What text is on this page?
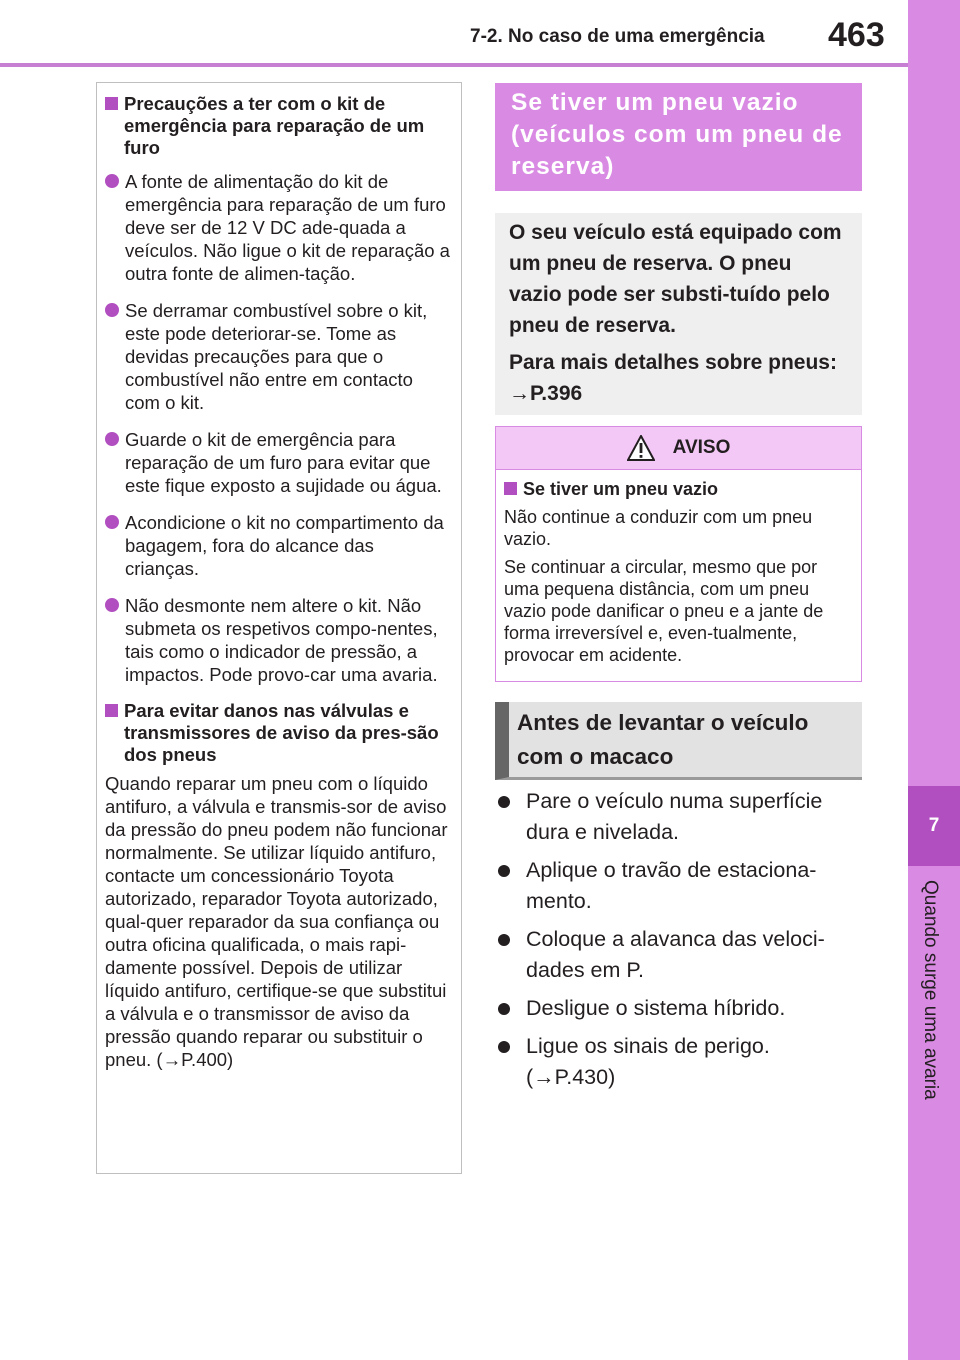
7-2. No caso de uma emergência 463
7
Quando surge uma avaria
Precauções a ter com o kit de emergência para reparação de um furo
A fonte de alimentação do kit de emergência para reparação de um furo deve ser de 12 V DC ade-quada a veículos. Não ligue o kit de reparação a outra fonte de alimen-tação.
Se derramar combustível sobre o kit, este pode deteriorar-se. Tome as devidas precauções para que o combustível não entre em contacto com o kit.
Guarde o kit de emergência para reparação de um furo para evitar que este fique exposto a sujidade ou água.
Acondicione o kit no compartimento da bagagem, fora do alcance das crianças.
Não desmonte nem altere o kit. Não submeta os respetivos compo-nentes, tais como o indicador de pressão, a impactos. Pode provo-car uma avaria.
Para evitar danos nas válvulas e transmissores de aviso da pres-são dos pneus
Quando reparar um pneu com o líquido antifuro, a válvula e transmis-sor de aviso da pressão do pneu podem não funcionar normalmente. Se utilizar líquido antifuro, contacte um concessionário Toyota autorizado, reparador Toyota autorizado, qual-quer reparador da sua confiança ou outra oficina qualificada, o mais rapi-damente possível. Depois de utilizar líquido antifuro, certifique-se que substitui a válvula e o transmissor de aviso da pressão quando reparar ou substituir o pneu. (→P.400)
Se tiver um pneu vazio (veículos com um pneu de reserva)

O seu veículo está equipado com um pneu de reserva. O pneu vazio pode ser substi-tuído pelo pneu de reserva.

Para mais detalhes sobre pneus: →P.396

AVISO
Se tiver um pneu vazio
Não continue a conduzir com um pneu vazio.
Se continuar a circular, mesmo que por uma pequena distância, com um pneu vazio pode danificar o pneu e a jante de forma irreversível e, even-tualmente, provocar em acidente.
Antes de levantar o veículo com o macaco
Pare o veículo numa superfície dura e nivelada.
Aplique o travão de estaciona-mento.
Coloque a alavanca das veloci-dades em P.
Desligue o sistema híbrido.
Ligue os sinais de perigo. (→P.430)
